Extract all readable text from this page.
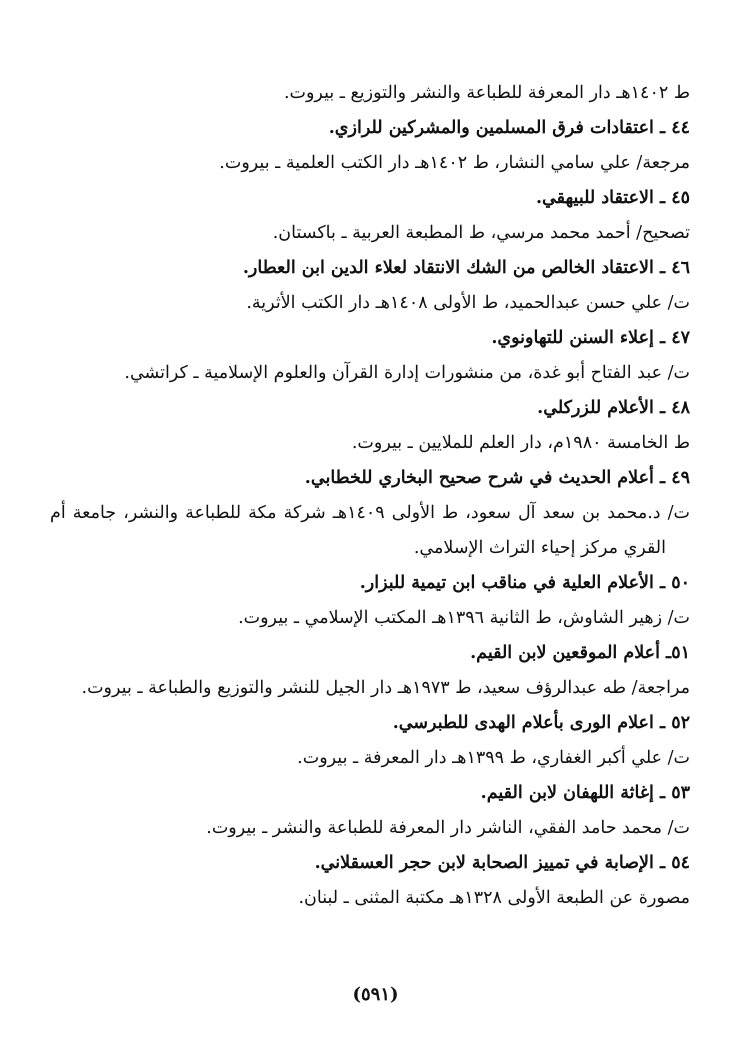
ط ١٤٠٢هـ دار المعرفة للطباعة والنشر والتوزيع ـ بيروت.
٤٤ ـ اعتقادات فرق المسلمين والمشركين للرازي.
مرجعة/ علي سامي النشار، ط ١٤٠٢هـ دار الكتب العلمية ـ بيروت.
٤٥ ـ الاعتقاد للبيهقي.
تصحيح/ أحمد محمد مرسي، ط المطبعة العربية ـ باكستان.
٤٦ ـ الاعتقاد الخالص من الشك الانتقاد لعلاء الدين ابن العطار.
ت/ علي حسن عبدالحميد، ط الأولى ١٤٠٨هـ دار الكتب الأثرية.
٤٧ ـ إعلاء السنن للتهاونوي.
ت/ عبد الفتاح أبو غدة، من منشورات إدارة القرآن والعلوم الإسلامية ـ كراتشي.
٤٨ ـ الأعلام للزركلي.
ط الخامسة ١٩٨٠م، دار العلم للملايين ـ بيروت.
٤٩ ـ أعلام الحديث في شرح صحيح البخاري للخطابي.
ت/ د.محمد بن سعد آل سعود، ط الأولى ١٤٠٩هـ شركة مكة للطباعة والنشر، جامعة أم
القري مركز إحياء التراث الإسلامي.
٥٠ ـ الأعلام العلية في مناقب ابن تيمية للبزار.
ت/ زهير الشاوش، ط الثانية ١٣٩٦هـ المكتب الإسلامي ـ بيروت.
٥١ـ أعلام الموقعين لابن القيم.
مراجعة/ طه عبدالرؤف سعيد، ط ١٩٧٣هـ دار الجيل للنشر والتوزيع والطباعة ـ بيروت.
٥٢ ـ اعلام الورى بأعلام الهدى للطبرسي.
ت/ علي أكبر الغفاري، ط ١٣٩٩هـ دار المعرفة ـ بيروت.
٥٣ ـ إغاثة اللهفان لابن القيم.
ت/ محمد حامد الفقي، الناشر دار المعرفة للطباعة والنشر ـ بيروت.
٥٤ ـ الإصابة في تمييز الصحابة لابن حجر العسقلاني.
مصورة عن الطبعة الأولى ١٣٢٨هـ مكتبة المثنى ـ لبنان.
(٥٩١)
